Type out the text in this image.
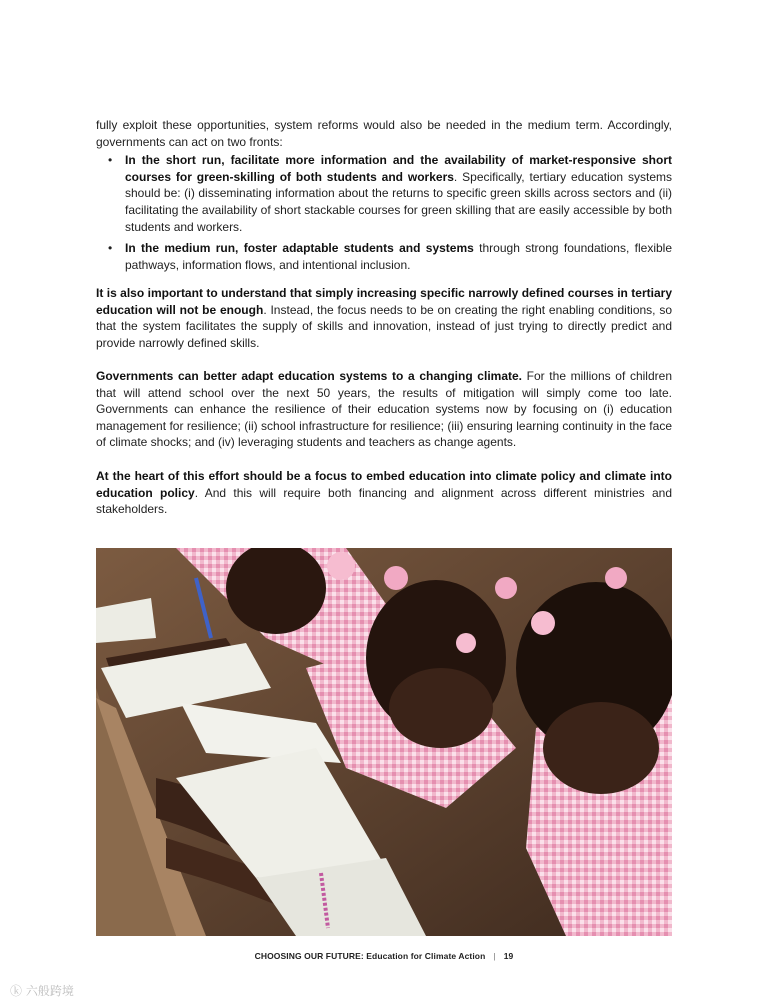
fully exploit these opportunities, system reforms would also be needed in the medium term. Accordingly, governments can act on two fronts:

• In the short run, facilitate more information and the availability of market-responsive short courses for green-skilling of both students and workers. Specifically, tertiary education systems should be: (i) disseminating information about the returns to specific green skills across sectors and (ii) facilitating the availability of short stackable courses for green skilling that are easily accessible by both students and workers.
• In the medium run, foster adaptable students and systems through strong foundations, flexible pathways, information flows, and intentional inclusion.

It is also important to understand that simply increasing specific narrowly defined courses in tertiary education will not be enough. Instead, the focus needs to be on creating the right enabling conditions, so that the system facilitates the supply of skills and innovation, instead of just trying to directly predict and provide narrowly defined skills.

Governments can better adapt education systems to a changing climate. For the millions of children that will attend school over the next 50 years, the results of mitigation will simply come too late. Governments can enhance the resilience of their education systems now by focusing on (i) education management for resilience; (ii) school infrastructure for resilience; (iii) ensuring learning continuity in the face of climate shocks; and (iv) leveraging students and teachers as change agents.

At the heart of this effort should be a focus to embed education into climate policy and climate into education policy. And this will require both financing and alignment across different ministries and stakeholders.

CHOOSING OUR FUTURE: Education for Climate Action | 19
ⓚ 六般跨境
